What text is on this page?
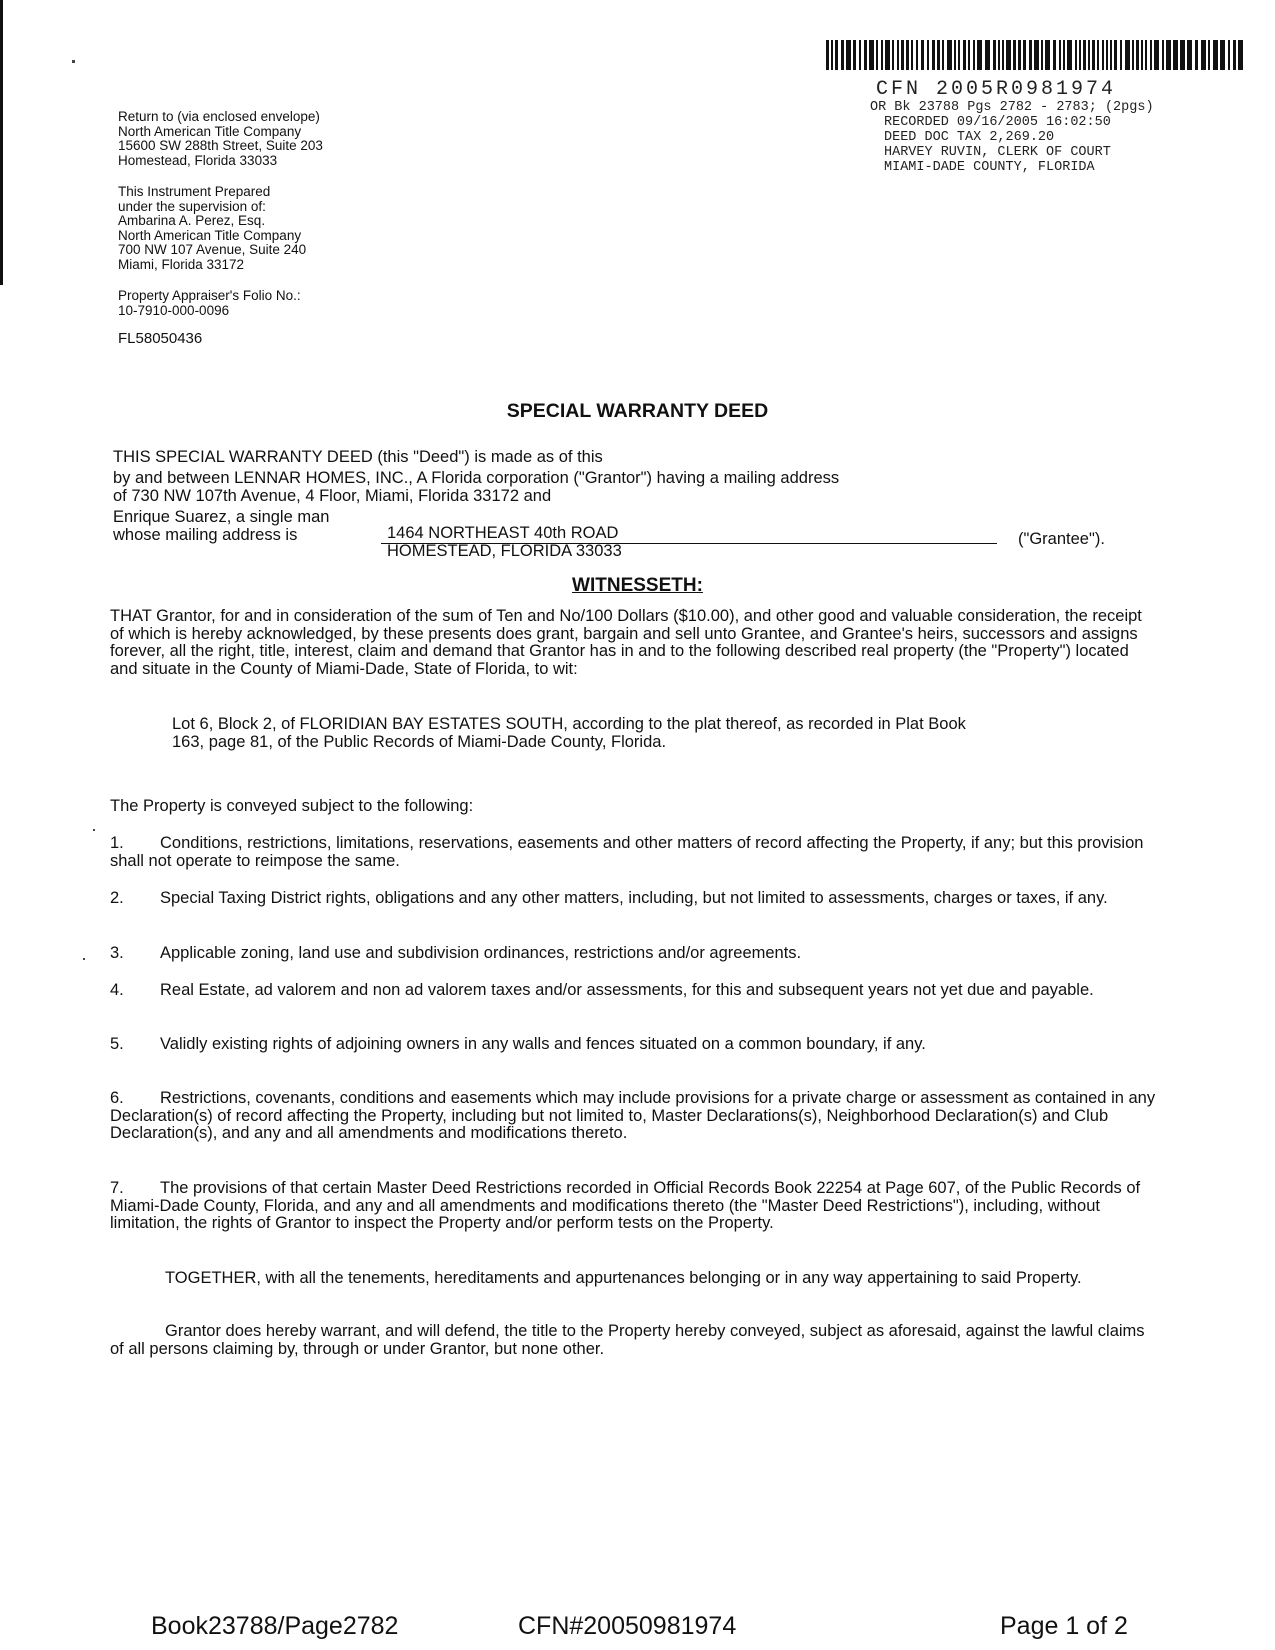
CFN 2005R0981974
OR Bk 23788 Pgs 2782 - 2783; (2pgs)
RECORDED 09/16/2005 16:02:50
DEED DOC TAX 2,269.20
HARVEY RUVIN, CLERK OF COURT
MIAMI-DADE COUNTY, FLORIDA
Return to (via enclosed envelope)
North American Title Company
15600 SW 288th Street, Suite 203
Homestead, Florida 33033
This Instrument Prepared
under the supervision of:
Ambarina A. Perez, Esq.
North American Title Company
700 NW 107 Avenue, Suite 240
Miami, Florida 33172
Property Appraiser's Folio No.:
10-7910-000-0096
FL58050436
SPECIAL WARRANTY DEED
THIS SPECIAL WARRANTY DEED (this "Deed") is made as of this
by and between LENNAR HOMES, INC., A Florida corporation ("Grantor") having a mailing address
of 730 NW 107th Avenue, 4 Floor, Miami, Florida 33172 and
Enrique Suarez, a single man
whose mailing address is	1464 NORTHEAST 40th ROAD
HOMESTEAD, FLORIDA 33033
("Grantee").
WITNESSETH:
THAT Grantor, for and in consideration of the sum of Ten and No/100 Dollars ($10.00), and other good and valuable consideration, the receipt of which is hereby acknowledged, by these presents does grant, bargain and sell unto Grantee, and Grantee's heirs, successors and assigns forever, all the right, title, interest, claim and demand that Grantor has in and to the following described real property (the "Property") located and situate in the County of Miami-Dade, State of Florida, to wit:
Lot 6, Block 2, of FLORIDIAN BAY ESTATES SOUTH, according to the plat thereof, as recorded in Plat Book 163, page 81, of the Public Records of Miami-Dade County, Florida.
The Property is conveyed subject to the following:
1. Conditions, restrictions, limitations, reservations, easements and other matters of record affecting the Property, if any; but this provision shall not operate to reimpose the same.
2. Special Taxing District rights, obligations and any other matters, including, but not limited to assessments, charges or taxes, if any.
3. Applicable zoning, land use and subdivision ordinances, restrictions and/or agreements.
4. Real Estate, ad valorem and non ad valorem taxes and/or assessments, for this and subsequent years not yet due and payable.
5. Validly existing rights of adjoining owners in any walls and fences situated on a common boundary, if any.
6. Restrictions, covenants, conditions and easements which may include provisions for a private charge or assessment as contained in any Declaration(s) of record affecting the Property, including but not limited to, Master Declarations(s), Neighborhood Declaration(s) and Club Declaration(s), and any and all amendments and modifications thereto.
7. The provisions of that certain Master Deed Restrictions recorded in Official Records Book 22254 at Page 607, of the Public Records of Miami-Dade County, Florida, and any and all amendments and modifications thereto (the "Master Deed Restrictions"), including, without limitation, the rights of Grantor to inspect the Property and/or perform tests on the Property.
TOGETHER, with all the tenements, hereditaments and appurtenances belonging or in any way appertaining to said Property.
Grantor does hereby warrant, and will defend, the title to the Property hereby conveyed, subject as aforesaid, against the lawful claims of all persons claiming by, through or under Grantor, but none other.
Book23788/Page2782	CFN#20050981974	Page 1 of 2
